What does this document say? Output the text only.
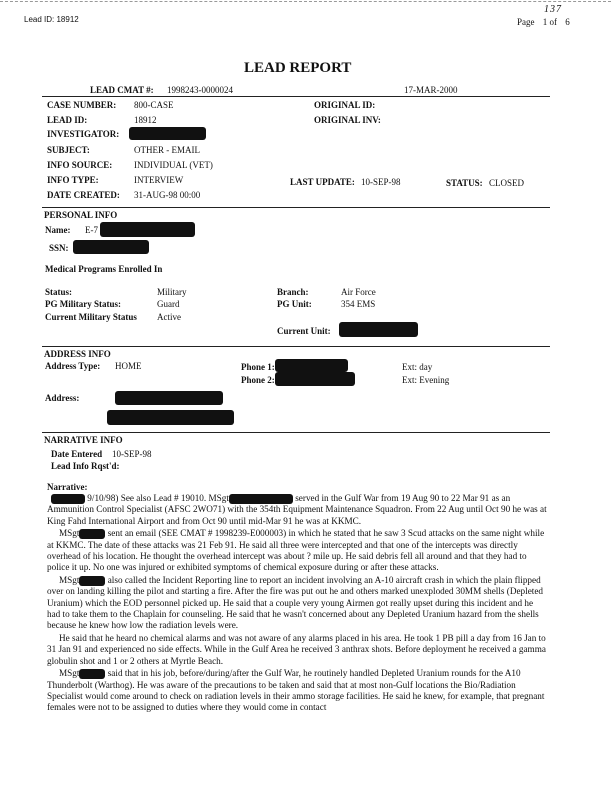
Lead ID: 18912
137
Page 1 of 6
LEAD REPORT
LEAD CMAT #: 1998243-0000024	17-MAR-2000
CASE NUMBER: 800-CASE	ORIGINAL ID:
LEAD ID:	18912	ORIGINAL INV:
INVESTIGATOR:
SUBJECT:	OTHER - EMAIL
INFO SOURCE: INDIVIDUAL (VET)
INFO TYPE:	INTERVIEW	LAST UPDATE: 10-SEP-98	STATUS: CLOSED
DATE CREATED: 31-AUG-98 00:00
PERSONAL INFO
Name: E-7
SSN:
Medical Programs Enrolled In
Status:	Military	Branch:	Air Force
PG Military Status:	Guard	PG Unit:	354 EMS
Current Military Status Active
Current Unit:
ADDRESS INFO
Address Type: HOME	Phone 1:	Ext: day
Phone 2:	Ext: Evening
Address:
NARRATIVE INFO
Date Entered 10-SEP-98
Lead Info Rqst'd:
Narrative:

9/10/98) See also Lead # 19010. MSgt	served in the Gulf War from 19 Aug 90 to 22 Mar 91 as an Ammunition Control Specialist (AFSC 2WO71) with the 354th Equipment Maintenance Squadron. From 22 Aug until Oct 90 he was at King Fahd International Airport and from Oct 90 until mid-Mar 91 he was at KKMC.

MSgt	sent an email (SEE CMAT # 1998239-E000003) in which he stated that he saw 3 Scud attacks on the same night while at KKMC. The date of these attacks was 21 Feb 91. He said all three were intercepted and that one of the intercepts was directly overhead of his location. He thought the overhead intercept was about ? mile up. He said debris fell all around and that they had to police it up. No one was injured or exhibited symptoms of chemical exposure during or after these attacks.

MSgt	also called the Incident Reporting line to report an incident involving an A-10 aircraft crash in which the plain flipped over on landing killing the pilot and starting a fire. After the fire was put out he and others marked unexploded 30MM shells (Depleted Uranium) which the EOD personnel picked up. He said that a couple very young Airmen got really upset during this incident and he had to take them to the Chaplain for counseling. He said that he wasn't concerned about any Depleted Uranium hazard from the shells because he knew how low the radiation levels were.

He said that he heard no chemical alarms and was not aware of any alarms placed in his area. He took 1 PB pill a day from 16 Jan to 31 Jan 91 and experienced no side effects. While in the Gulf Area he received 3 anthrax shots. Before deployment he received a gamma globulin shot and 1 or 2 others at Myrtle Beach.

MSgt	said that in his job, before/during/after the Gulf War, he routinely handled Depleted Uranium rounds for the A10 Thunderbolt (Warthog). He was aware of the precautions to be taken and said that at most non-Gulf locations the Bio/Radiation Specialist would come around to check on radiation levels in their ammo storage facilities. He said he knew, for example, that pregnant females were not to be assigned to duties where they would come in contact
